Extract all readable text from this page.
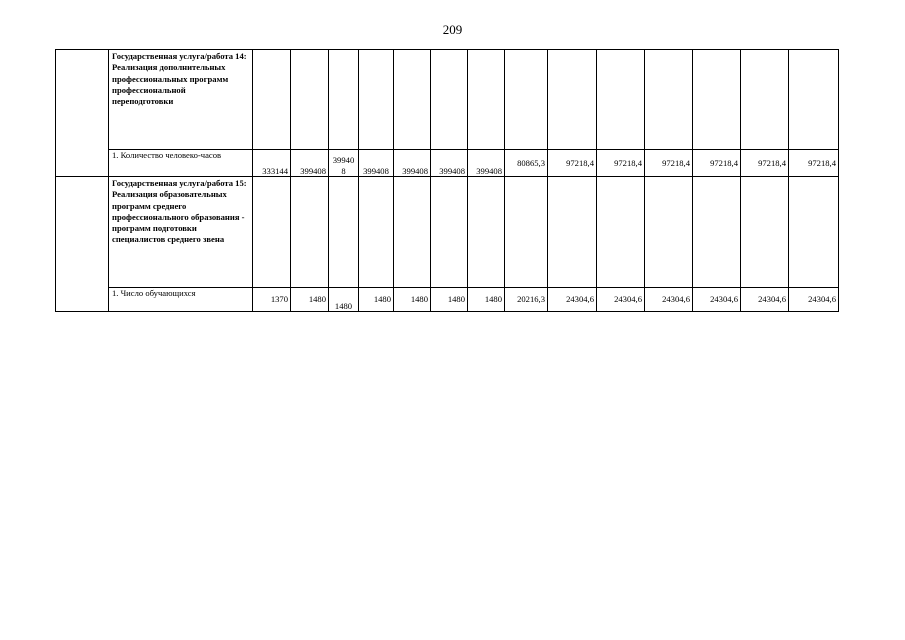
209
	Государственная услуга/работа 14: Реализация дополнительных профессиональных программ профессиональной переподготовки														
	1. Количество человеко-часов	333144	399408	399408	399408	399408	399408	399408	80865,3	97218,4	97218,4	97218,4	97218,4	97218,4	97218,4
	Государственная услуга/работа 15: Реализация образовательных программ среднего профессионального образования - программ подготовки специалистов среднего звена														
	1. Число обучающихся	1370	1480	1480	1480	1480	1480	1480	20216,3	24304,6	24304,6	24304,6	24304,6	24304,6	24304,6
